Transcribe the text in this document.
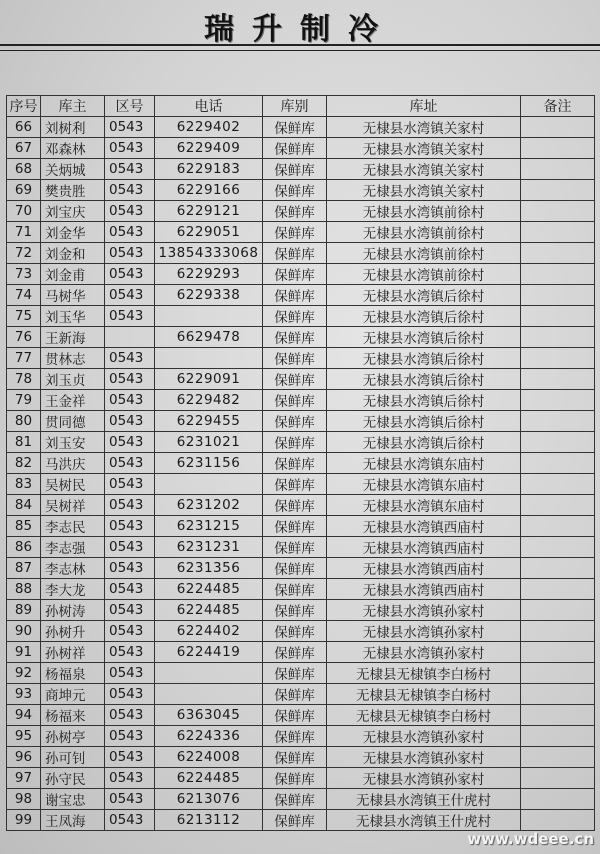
瑞升制冷
序号	库主	区号	电话	库别	库址	备注
66	刘树利	0543	6229402	保鲜库	无棣县水湾镇关家村	
67	邓森林	0543	6229409	保鲜库	无棣县水湾镇关家村	
68	关炳城	0543	6229183	保鲜库	无棣县水湾镇关家村	
69	樊贵胜	0543	6229166	保鲜库	无棣县水湾镇关家村	
70	刘宝庆	0543	6229121	保鲜库	无棣县水湾镇前徐村	
71	刘金华	0543	6229051	保鲜库	无棣县水湾镇前徐村	
72	刘金和	0543	13854333068	保鲜库	无棣县水湾镇前徐村	
73	刘金甫	0543	6229293	保鲜库	无棣县水湾镇前徐村	
74	马树华	0543	6229338	保鲜库	无棣县水湾镇后徐村	
75	刘玉华	0543		保鲜库	无棣县水湾镇后徐村	
76	王新海		6629478	保鲜库	无棣县水湾镇后徐村	
77	贯林志	0543		保鲜库	无棣县水湾镇后徐村	
78	刘玉贞	0543	6229091	保鲜库	无棣县水湾镇后徐村	
79	王金祥	0543	6229482	保鲜库	无棣县水湾镇后徐村	
80	贯同德	0543	6229455	保鲜库	无棣县水湾镇后徐村	
81	刘玉安	0543	6231021	保鲜库	无棣县水湾镇后徐村	
82	马洪庆	0543	6231156	保鲜库	无棣县水湾镇东庙村	
83	吴树民	0543		保鲜库	无棣县水湾镇东庙村	
84	吴树祥	0543	6231202	保鲜库	无棣县水湾镇东庙村	
85	李志民	0543	6231215	保鲜库	无棣县水湾镇西庙村	
86	李志强	0543	6231231	保鲜库	无棣县水湾镇西庙村	
87	李志林	0543	6231356	保鲜库	无棣县水湾镇西庙村	
88	李大龙	0543	6224485	保鲜库	无棣县水湾镇西庙村	
89	孙树涛	0543	6224485	保鲜库	无棣县水湾镇孙家村	
90	孙树升	0543	6224402	保鲜库	无棣县水湾镇孙家村	
91	孙树祥	0543	6224419	保鲜库	无棣县水湾镇孙家村	
92	杨福泉	0543		保鲜库	无棣县无棣镇李白杨村	
93	商坤元	0543		保鲜库	无棣县无棣镇李白杨村	
94	杨福来	0543	6363045	保鲜库	无棣县无棣镇李白杨村	
95	孙树亭	0543	6224336	保鲜库	无棣县水湾镇孙家村	
96	孙可钊	0543	6224008	保鲜库	无棣县水湾镇孙家村	
97	孙守民	0543	6224485	保鲜库	无棣县水湾镇孙家村	
98	谢宝忠	0543	6213076	保鲜库	无棣县水湾镇王什虎村	
99	王凤海	0543	6213112	保鲜库	无棣县水湾镇王什虎村	
www.wdeee.cn
